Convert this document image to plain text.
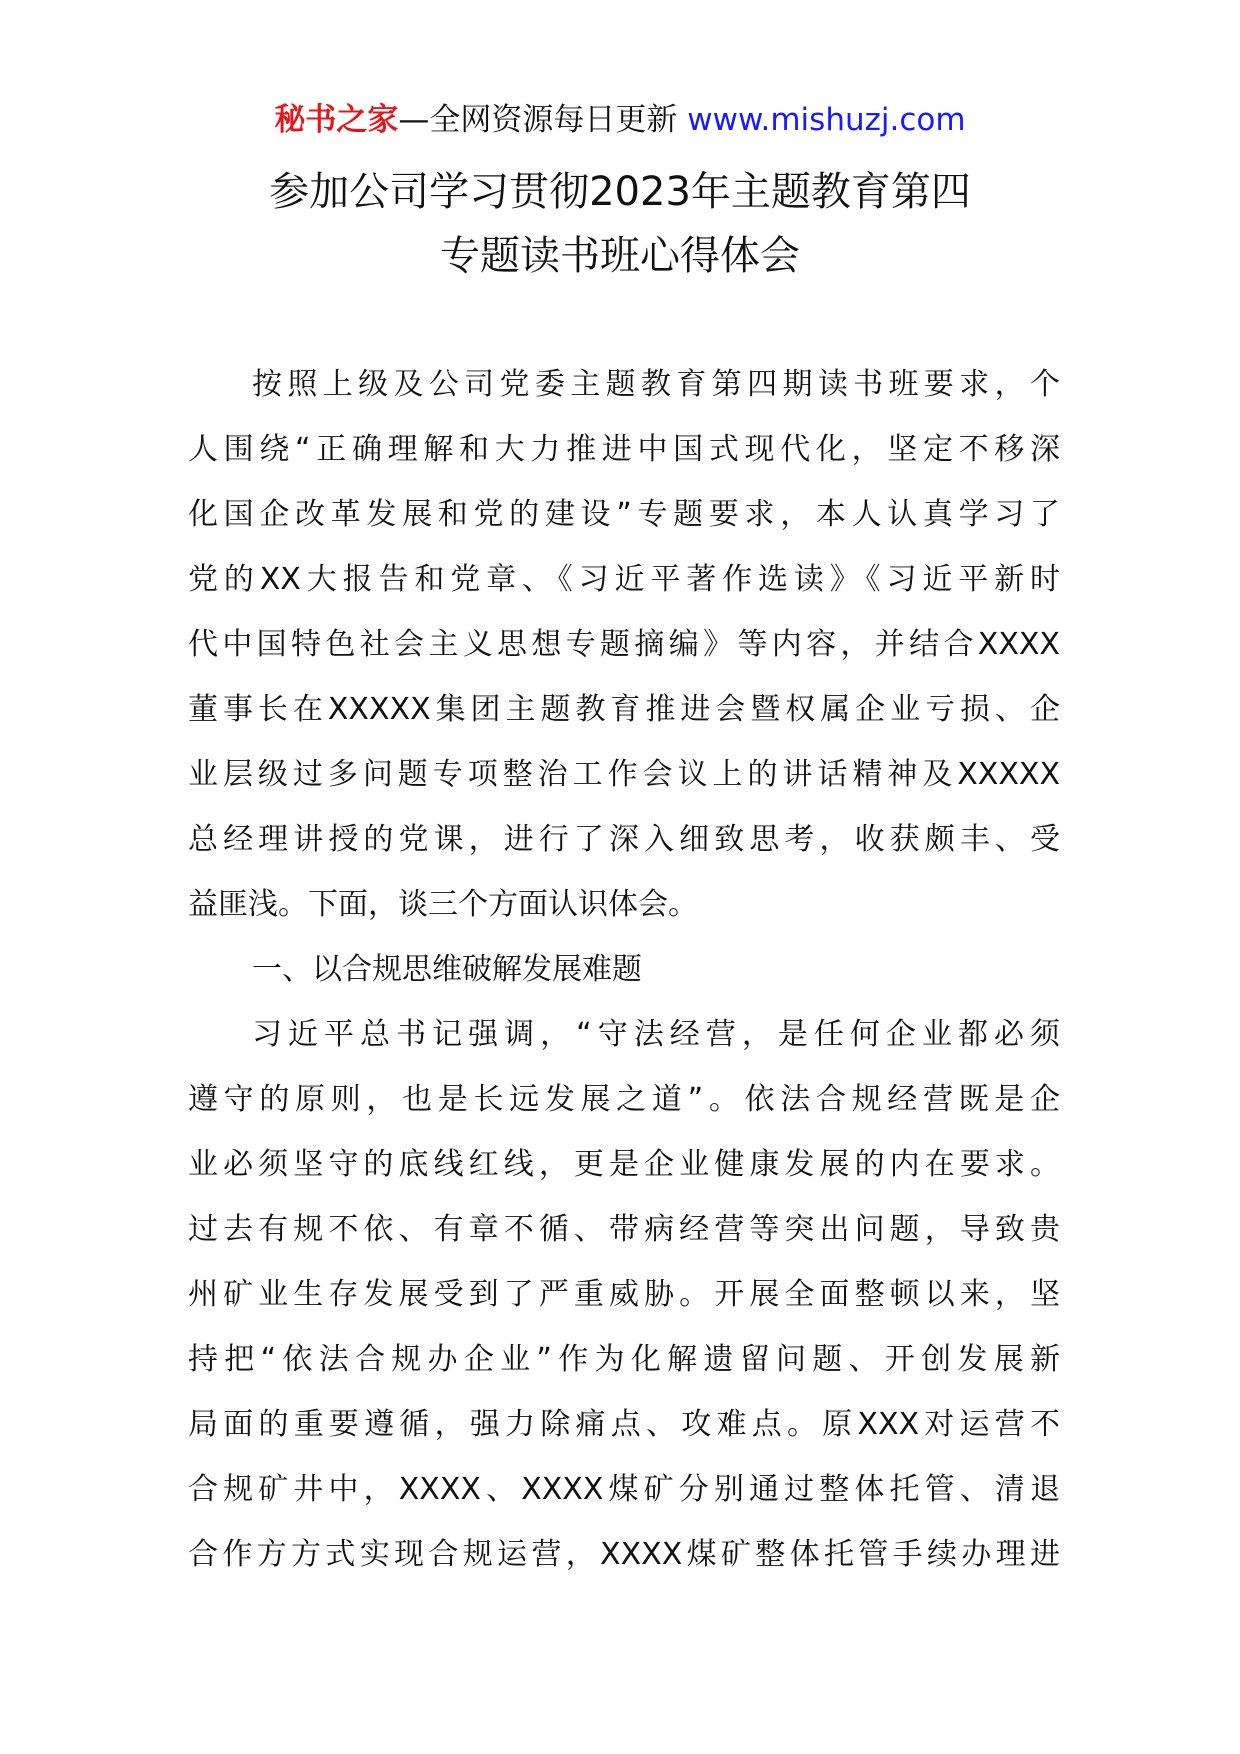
秘书之家—全网资源每日更新 www.mishuzj.com
参加公司学习贯彻2023年主题教育第四
专题读书班心得体会
按照上级及公司党委主题教育第四期读书班要求，个
人围绕“正确理解和大力推进中国式现代化，坚定不移深
化国企改革发展和党的建设”专题要求，本人认真学习了
党的XX大报告和党章、《习近平著作选读》《习近平新时
代中国特色社会主义思想专题摘编》等内容，并结合XXXX
董事长在XXXXX集团主题教育推进会暨权属企业亏损、企
业层级过多问题专项整治工作会议上的讲话精神及XXXXX
总经理讲授的党课，进行了深入细致思考，收获颇丰、受
益匪浅。下面，谈三个方面认识体会。
一、以合规思维破解发展难题
习近平总书记强调，“守法经营，是任何企业都必须
遵守的原则，也是长远发展之道”。依法合规经营既是企
业必须坚守的底线红线，更是企业健康发展的内在要求。
过去有规不依、有章不循、带病经营等突出问题，导致贵
州矿业生存发展受到了严重威胁。开展全面整顿以来，坚
持把“依法合规办企业”作为化解遗留问题、开创发展新
局面的重要遵循，强力除痛点、攻难点。原XXX对运营不
合规矿井中，XXXX、XXXX煤矿分别通过整体托管、清退
合作方方式实现合规运营，XXXX煤矿整体托管手续办理进
